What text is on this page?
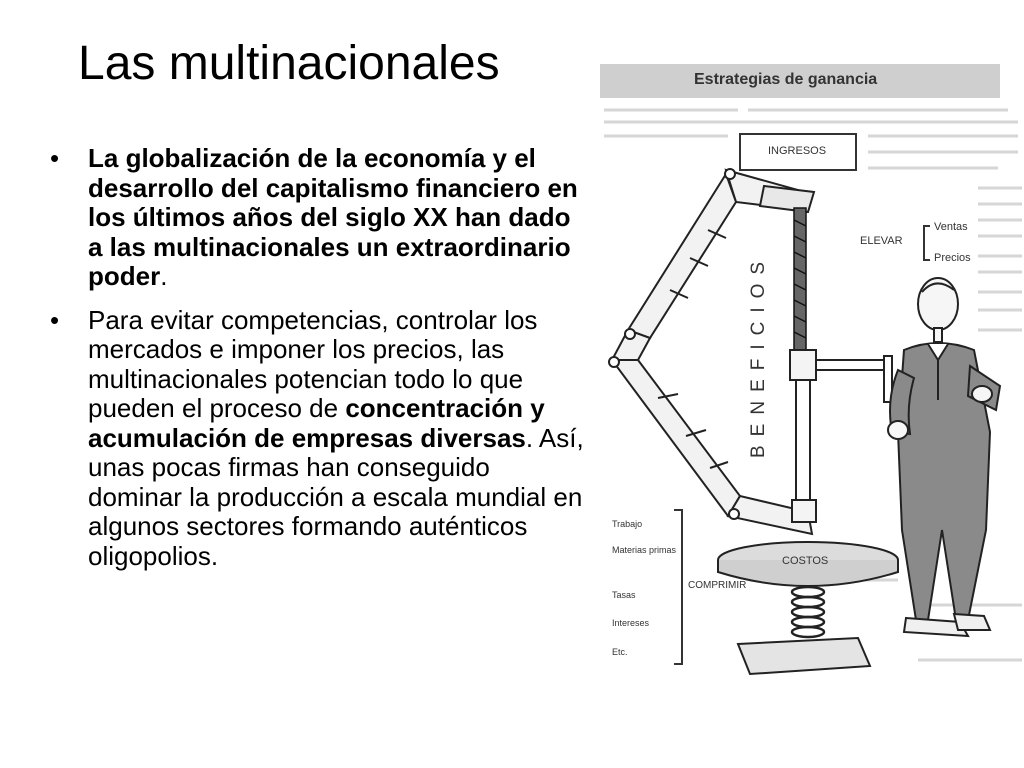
Las multinacionales
• La globalización de la economía y el desarrollo del capitalismo financiero en los últimos años del siglo XX han dado a las multinacionales un extraordinario poder.
• Para evitar competencias, controlar los mercados e imponer los precios, las multinacionales potencian todo lo que pueden el proceso de concentración y acumulación de empresas diversas. Así, unas pocas firmas han conseguido dominar la producción a escala mundial en algunos sectores formando auténticos oligopolios.
Estrategias de ganancia
INGRESOS
BENEFICIOS
ELEVAR
Ventas
Precios
COSTOS
Trabajo
Materias primas
Tasas
Intereses
Etc.
COMPRIMIR
